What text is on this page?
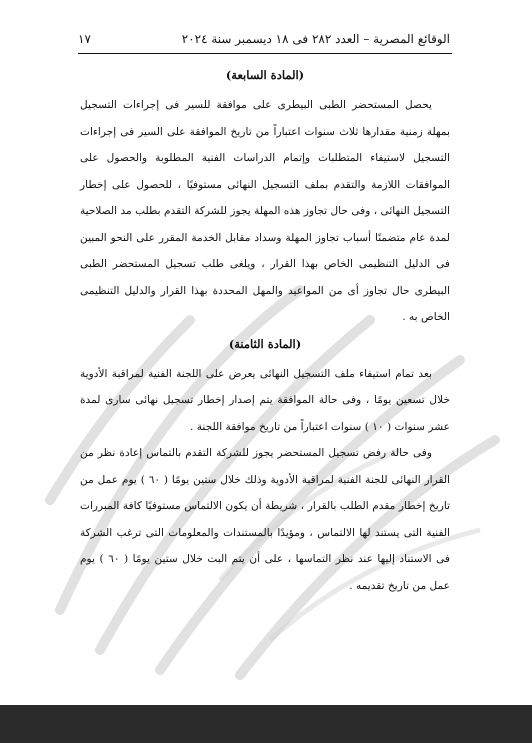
١٧	الوقائع المصرية – العدد ٢٨٢ فى ١٨ ديسمبر سنة ٢٠٢٤
(المادة السابعة)

يحصل المستحضر الطبى البيطرى على موافقة للسير فى إجراءات التسجيل بمهلة زمنية مقدارها ثلاث سنوات اعتباراً من تاريخ الموافقة على السير فى إجراءات التسجيل لاستيفاء المتطلبات وإتمام الدراسات الفنية المطلوبة والحصول على الموافقات اللازمة والتقدم بملف التسجيل النهائى مستوفيًا ، للحصول على إخطار التسجيل النهائى ، وفى حال تجاوز هذه المهلة يجوز للشركة التقدم بطلب مد الصلاحية لمدة عام متضمنًا أسباب تجاوز المهلة وسداد مقابل الخدمة المقرر على النحو المبين فى الدليل التنظيمى الخاص بهذا القرار ، ويلغى طلب تسجيل المستحضر الطبى البيطرى حال تجاوز أى من المواعيد والمهل المحددة بهذا القرار والدليل التنظيمى الخاص به .

(المادة الثامنة)

بعد تمام استيفاء ملف التسجيل النهائى يعرض على اللجنة الفنية لمراقبة الأدوية خلال تسعين يومًا ، وفى حالة الموافقة يتم إصدار إخطار تسجيل نهائى سارى لمدة عشر سنوات ( ١٠ ) سنوات اعتباراً من تاريخ موافقة اللجنة .

وفى حالة رفض تسجيل المستحضر يجوز للشركة التقدم بالتماس إعادة نظر من القرار النهائى للجنة الفنية لمراقبة الأدوية وذلك خلال ستين يومًا ( ٦٠ ) يوم عمل من تاريخ إخطار مقدم الطلب بالقرار ، شريطة أن يكون الالتماس مستوفيًا كافة المبررات الفنية التى يستند لها الالتماس ، ومؤيدًا بالمستندات والمعلومات التى ترغب الشركة فى الاستناد إليها عند نظر التماسها ، على أن يتم البت خلال ستين يومًا ( ٦٠ ) يوم عمل من تاريخ تقديمه .
